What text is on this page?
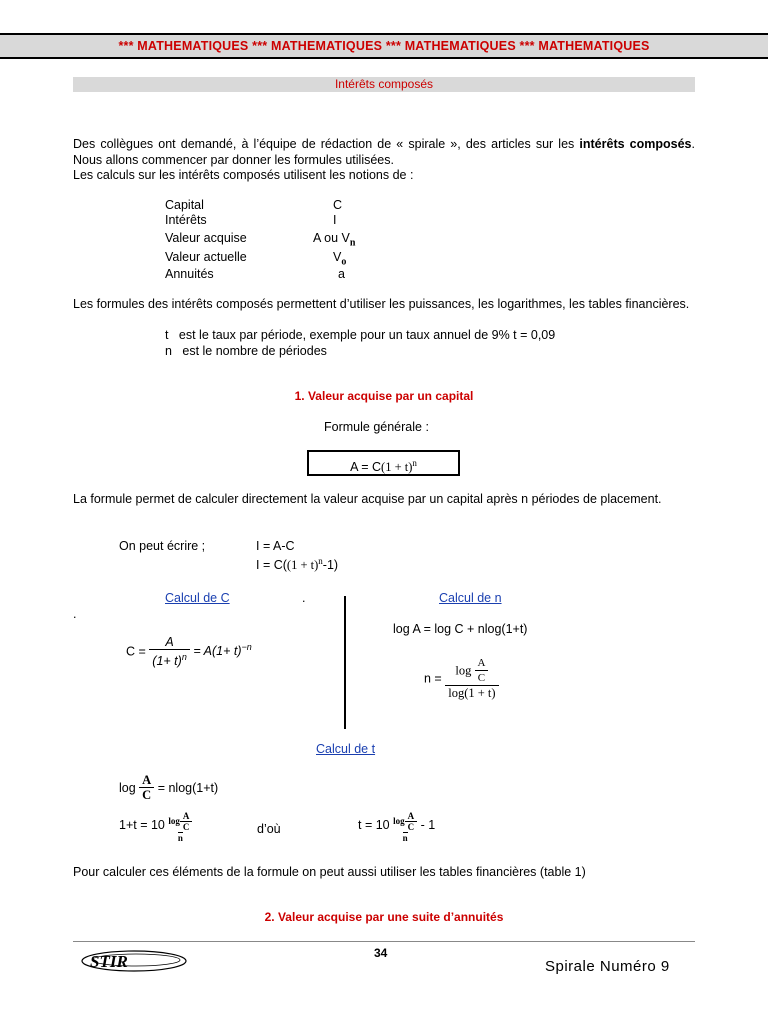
*** MATHEMATIQUES *** MATHEMATIQUES *** MATHEMATIQUES *** MATHEMATIQUES
Intérêts composés
Des collègues ont demandé, à l’équipe de rédaction de « spirale », des articles sur les intérêts composés. Nous allons commencer par donner les formules utilisées.
Les calculs sur les intérêts composés utilisent les notions de :
Capital	C
Intérêts	I
Valeur acquise	A ou $V_n$
Valeur actuelle	$V_o$
Annuités	a
Les formules des intérêts composés permettent d’utiliser les puissances, les logarithmes, les tables financières.
t est le taux par période, exemple pour un taux annuel de 9% t = 0,09
n est le nombre de périodes
1. Valeur acquise par un capital
Formule générale :
$A = C(1 + t)^n$
La formule permet de calculer directement la valeur acquise par un capital après n périodes de placement.
On peut écrire ;	I = A-C
$I = C((1 + t)^n-1)$
Calcul de C	.
.
$C = \frac{A}{(1+ t)^n} = A(1+ t)^{-n}$
Calcul de n
log A = log C + nlog(1+t)
$n = \frac{\log \frac{A}{C}}{\log(1 + t)}$
Calcul de t
$\log \frac{A}{C} = nlog(1+t)$
$1+t = 10 \frac{\log \frac{A}{C}}{n}$	d’où	$t = 10 \frac{\log \frac{A}{C}}{n} - 1$
Pour calculer ces éléments de la formule on peut aussi utiliser les tables financières (table 1)
2. Valeur acquise par une suite d’annuités
STIR	34
Spirale Numéro 9
